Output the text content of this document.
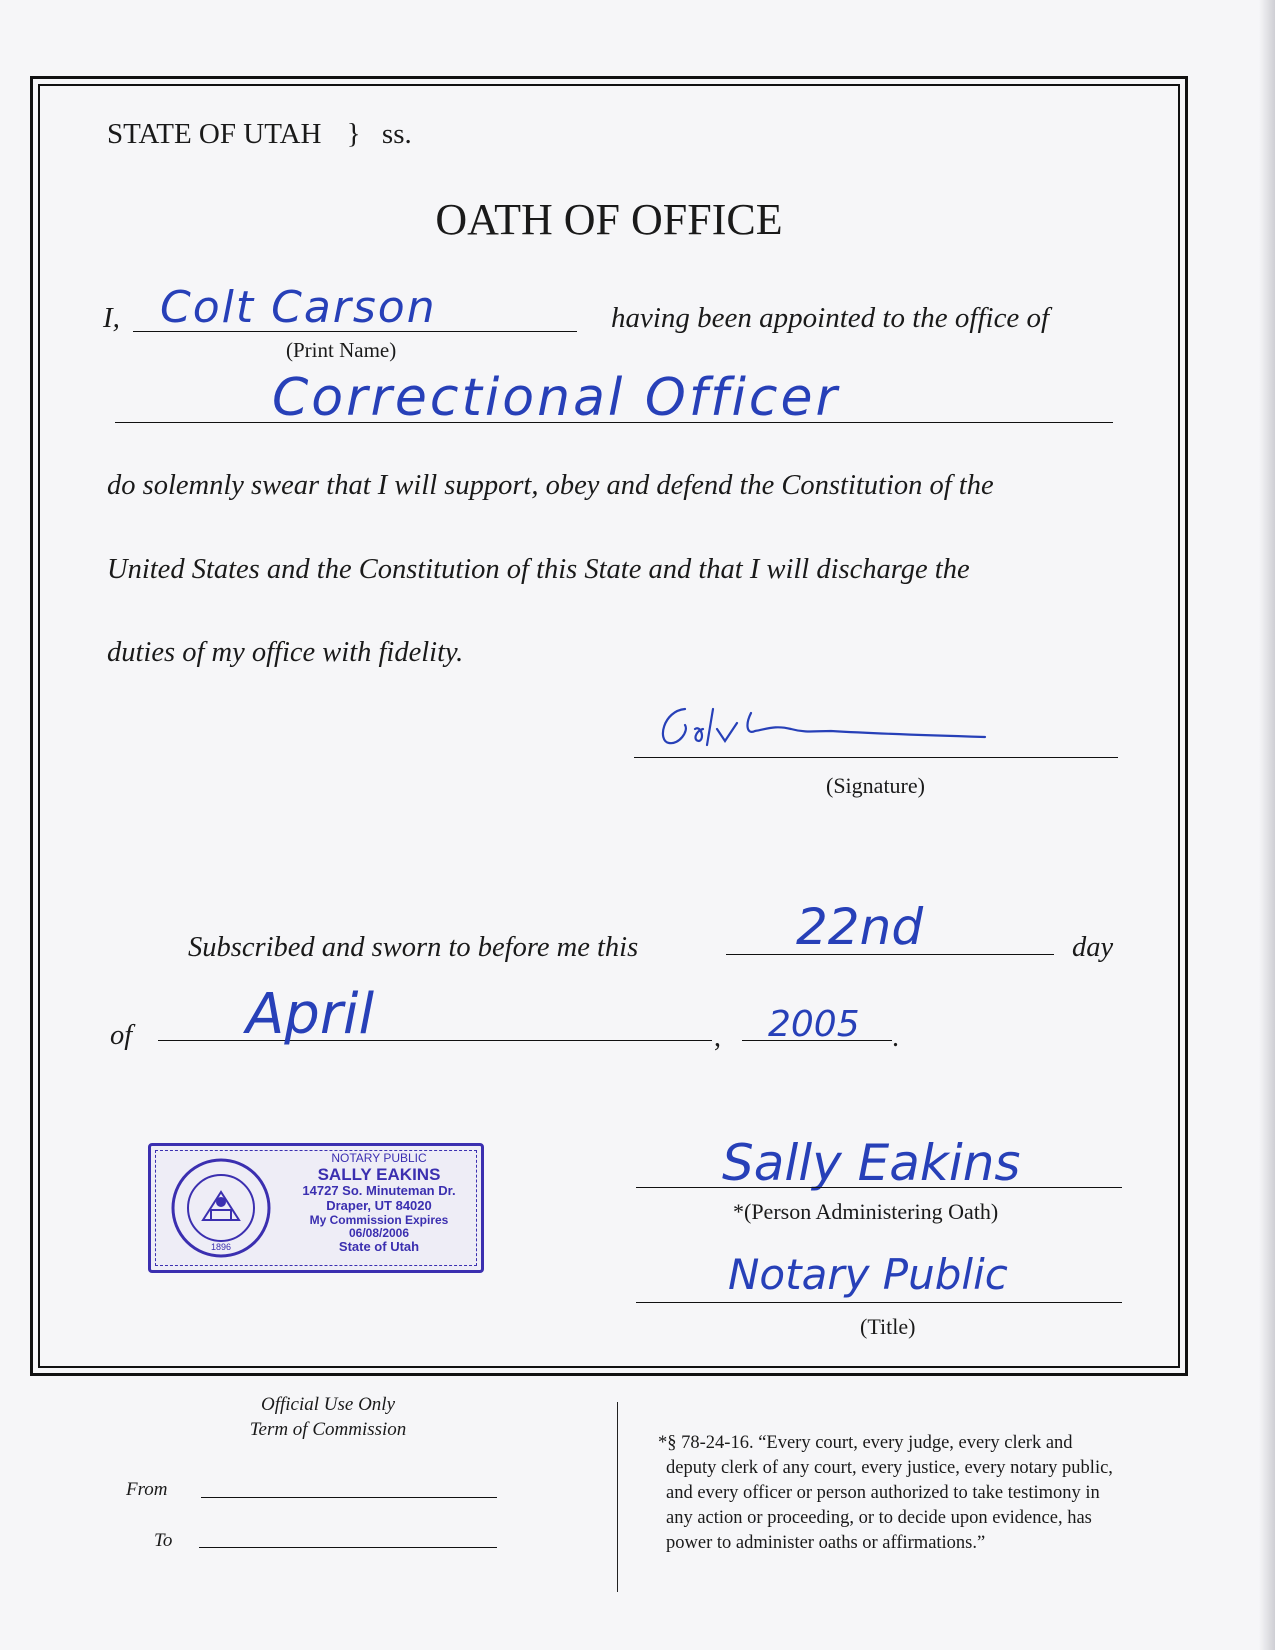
STATE OF UTAH } ss.
OATH OF OFFICE
I, Colt Carson	having been appointed to the office of
(Print Name)
Correctional Officer
do solemnly swear that I will support, obey and defend the Constitution of the
United States and the Constitution of this State and that I will discharge the
duties of my office with fidelity.
(Signature)
Subscribed and sworn to before me this	22nd	day
of April	, 2005 .
1896
NOTARY PUBLIC
SALLY EAKINS
14727 So. Minuteman Dr.
Draper, UT 84020
My Commission Expires 06/08/2006
State of Utah
Sally Eakins
*(Person Administering Oath)
Notary Public
(Title)
Official Use Only
Term of Commission
From
To
*§ 78-24-16. “Every court, every judge, every clerk and
deputy clerk of any court, every justice, every notary public,
and every officer or person authorized to take testimony in
any action or proceeding, or to decide upon evidence, has
power to administer oaths or affirmations.”
